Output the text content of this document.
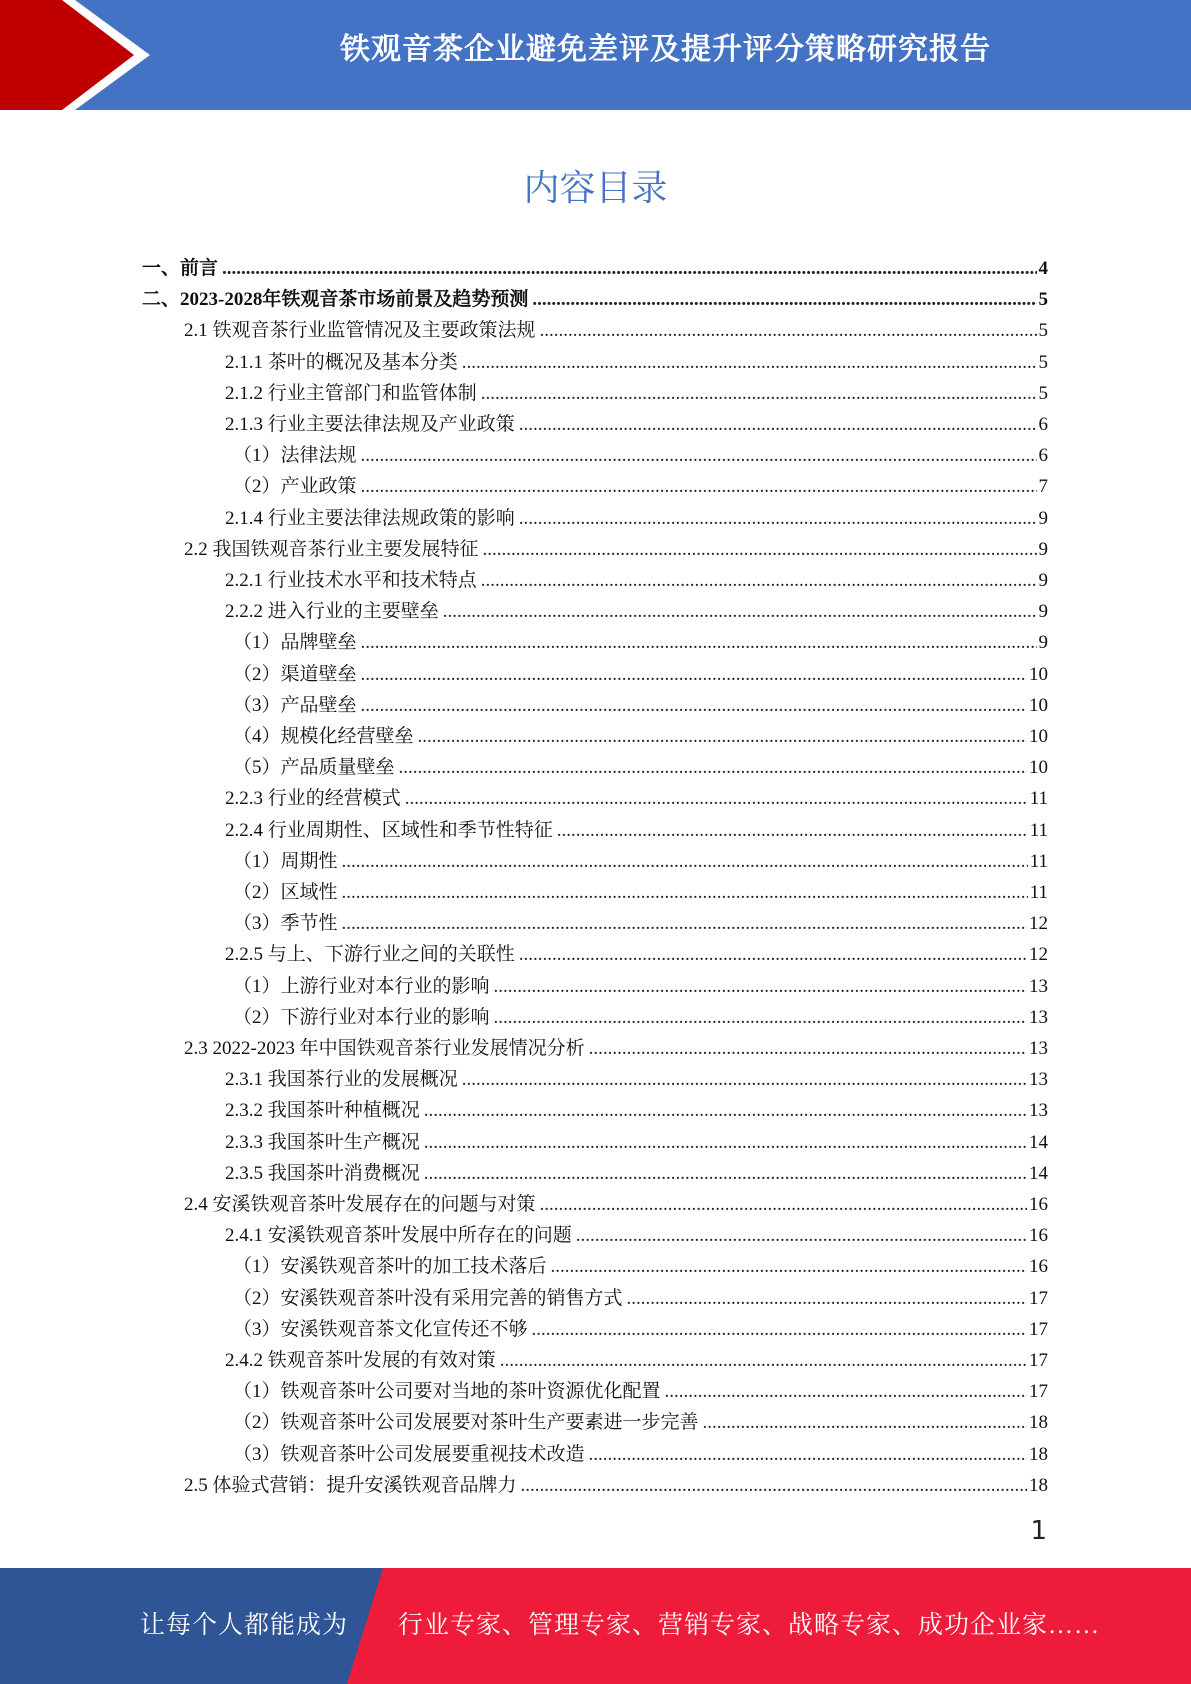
铁观音茶企业避免差评及提升评分策略研究报告
内容目录
一、前言 .....	4
二、2023-2028年铁观音茶市场前景及趋势预测 .....	5
2.1 铁观音茶行业监管情况及主要政策法规 .....	5
2.1.1 茶叶的概况及基本分类 .....	5
2.1.2 行业主管部门和监管体制 .....	5
2.1.3 行业主要法律法规及产业政策 .....	6
（1）法律法规 .....	6
（2）产业政策 .....	7
2.1.4 行业主要法律法规政策的影响 .....	9
2.2 我国铁观音茶行业主要发展特征 .....	9
2.2.1 行业技术水平和技术特点 .....	9
2.2.2 进入行业的主要壁垒 .....	9
（1）品牌壁垒 .....	9
（2）渠道壁垒 .....	10
（3）产品壁垒 .....	10
（4）规模化经营壁垒 .....	10
（5）产品质量壁垒 .....	10
2.2.3 行业的经营模式 .....	11
2.2.4 行业周期性、区域性和季节性特征 .....	11
（1）周期性 .....	11
（2）区域性 .....	11
（3）季节性 .....	12
2.2.5 与上、下游行业之间的关联性 .....	12
（1）上游行业对本行业的影响 .....	13
（2）下游行业对本行业的影响 .....	13
2.3 2022-2023 年中国铁观音茶行业发展情况分析 .....	13
2.3.1 我国茶行业的发展概况 .....	13
2.3.2 我国茶叶种植概况 .....	13
2.3.3 我国茶叶生产概况 .....	14
2.3.5 我国茶叶消费概况 .....	14
2.4 安溪铁观音茶叶发展存在的问题与对策 .....	16
2.4.1 安溪铁观音茶叶发展中所存在的问题 .....	16
（1）安溪铁观音茶叶的加工技术落后 .....	16
（2）安溪铁观音茶叶没有采用完善的销售方式 .....	17
（3）安溪铁观音茶文化宣传还不够 .....	17
2.4.2 铁观音茶叶发展的有效对策 .....	17
（1）铁观音茶叶公司要对当地的茶叶资源优化配置 .....	17
（2）铁观音茶叶公司发展要对茶叶生产要素进一步完善 .....	18
（3）铁观音茶叶公司发展要重视技术改造 .....	18
2.5 体验式营销：提升安溪铁观音品牌力 .....	18
1
让每个人都能成为 行业专家、管理专家、营销专家、战略专家、成功企业家……
